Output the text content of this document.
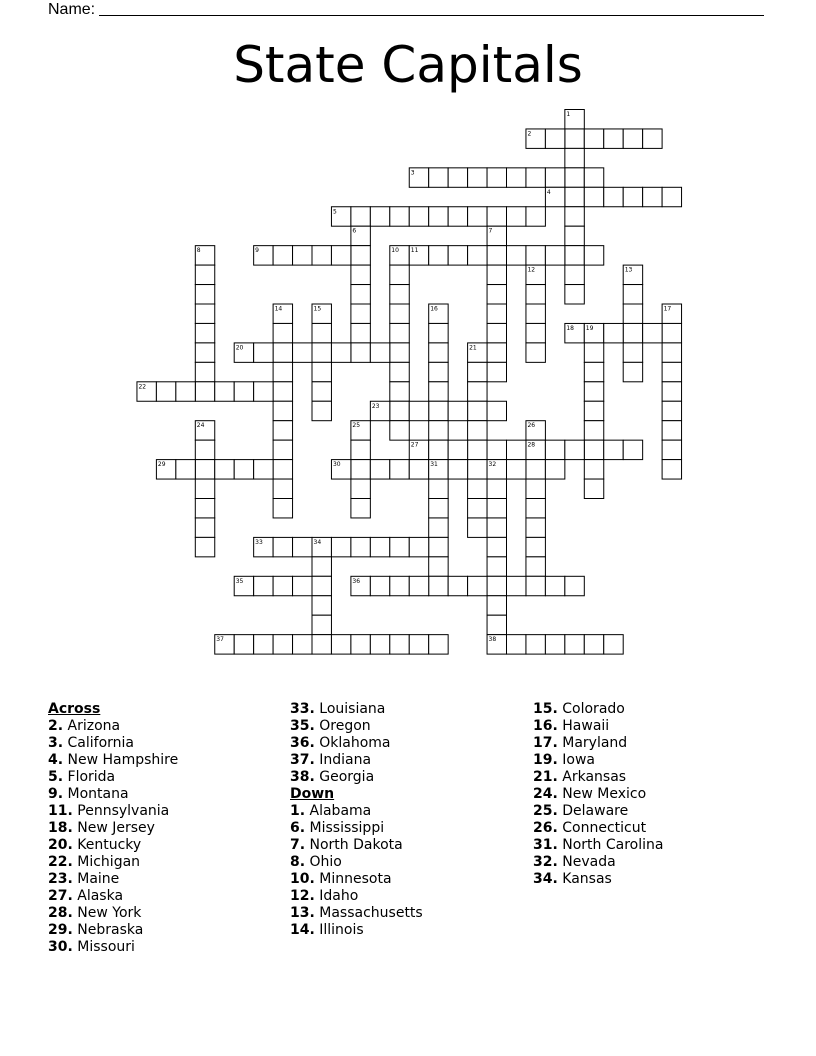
Name:
State Capitals
1
2
3
4
5
6	7
8	9	10 11
12	13
14	15	16	17
18 19
20	21
22
23
24	25	26
27	28
29	30	31	32
33	34
35	36
37	38
Across
2. Arizona
3. California
4. New Hampshire
5. Florida
9. Montana
11. Pennsylvania
18. New Jersey
20. Kentucky
22. Michigan
23. Maine
27. Alaska
28. New York
29. Nebraska
30. Missouri
33. Louisiana
35. Oregon
36. Oklahoma
37. Indiana
38. Georgia
Down
1. Alabama
6. Mississippi
7. North Dakota
8. Ohio
10. Minnesota
12. Idaho
13. Massachusetts
14. Illinois
15. Colorado
16. Hawaii
17. Maryland
19. Iowa
21. Arkansas
24. New Mexico
25. Delaware
26. Connecticut
31. North Carolina
32. Nevada
34. Kansas
